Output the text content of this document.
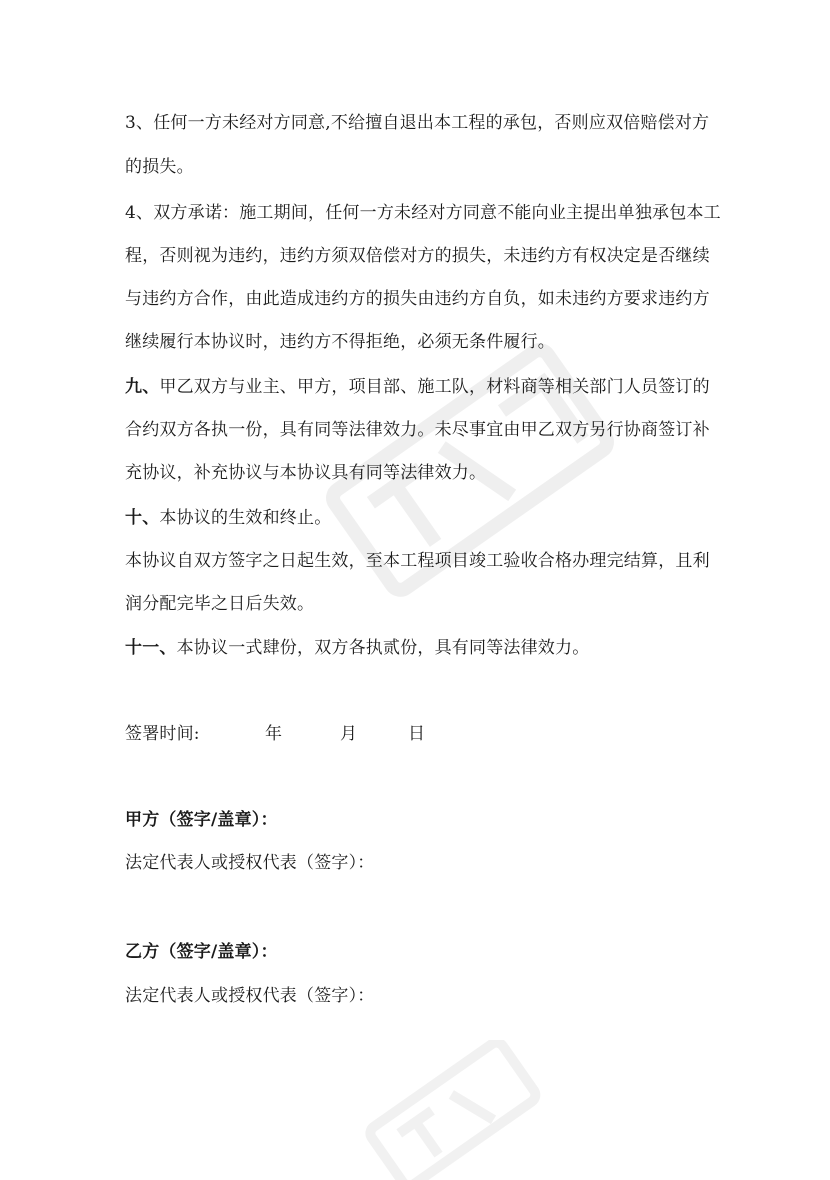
3、任何一方未经对方同意,不给擅自退出本工程的承包，否则应双倍赔偿对方

的损失。

4、双方承诺：施工期间，任何一方未经对方同意不能向业主提出单独承包本工

程，否则视为违约，违约方须双倍偿对方的损失，未违约方有权决定是否继续

与违约方合作，由此造成违约方的损失由违约方自负，如未违约方要求违约方

继续履行本协议时，违约方不得拒绝，必须无条件履行。

九、甲乙双方与业主、甲方，项目部、施工队，材料商等相关部门人员签订的

合约双方各执一份，具有同等法律效力。未尽事宜由甲乙双方另行协商签订补

充协议，补充协议与本协议具有同等法律效力。

十、本协议的生效和终止。

本协议自双方签字之日起生效，至本工程项目竣工验收合格办理完结算，且利

润分配完毕之日后失效。

十一、本协议一式肆份，双方各执贰份，具有同等法律效力。

签署时间:	年	月	日

甲方（签字/盖章）：

法定代表人或授权代表（签字）：

乙方（签字/盖章）：

法定代表人或授权代表（签字）：
